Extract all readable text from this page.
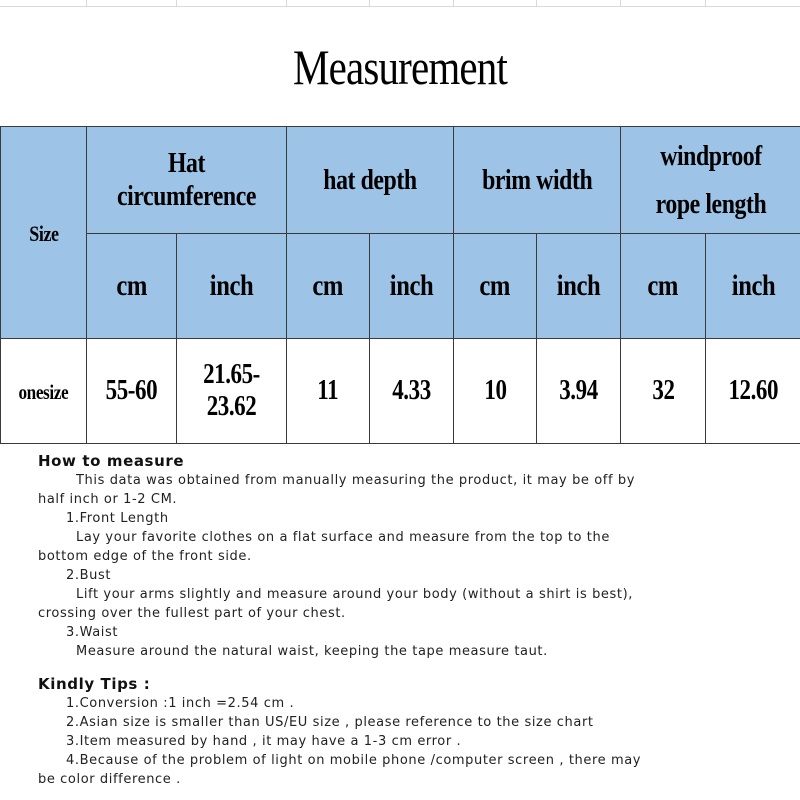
Measurement
Size	Hat circumference		hat depth		brim width		windproof rope length	
	cm	inch	cm	inch	cm	inch	cm	inch
onesize	55-60	21.65-23.62	11	4.33	10	3.94	32	12.60

How to measure

This data was obtained from manually measuring the product, it may be off by

half inch or 1-2 CM.

1.Front Length

Lay your favorite clothes on a flat surface and measure from the top to the

bottom edge of the front side.

2.Bust

Lift your arms slightly and measure around your body (without a shirt is best),

crossing over the fullest part of your chest.

3.Waist

Measure around the natural waist, keeping the tape measure taut.

Kindly Tips :

1.Conversion :1 inch =2.54 cm .

2.Asian size is smaller than US/EU size , please reference to the size chart

3.Item measured by hand , it may have a 1-3 cm error .

4.Because of the problem of light on mobile phone /computer screen , there may

be color difference .
